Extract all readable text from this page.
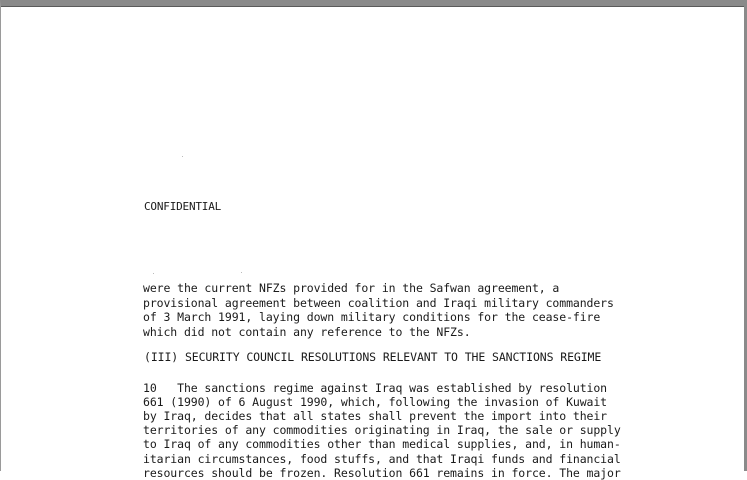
CONFIDENTIAL
were the current NFZs provided for in the Safwan agreement, a
provisional agreement between coalition and Iraqi military commanders
of 3 March 1991, laying down military conditions for the cease-fire
which did not contain any reference to the NFZs.
(III) SECURITY COUNCIL RESOLUTIONS RELEVANT TO THE SANCTIONS REGIME
10   The sanctions regime against Iraq was established by resolution
661 (1990) of 6 August 1990, which, following the invasion of Kuwait
by Iraq, decides that all states shall prevent the import into their
territories of any commodities originating in Iraq, the sale or supply
to Iraq of any commodities other than medical supplies, and, in human-
itarian circumstances, food stuffs, and that Iraqi funds and financial
resources should be frozen. Resolution 661 remains in force. The major
